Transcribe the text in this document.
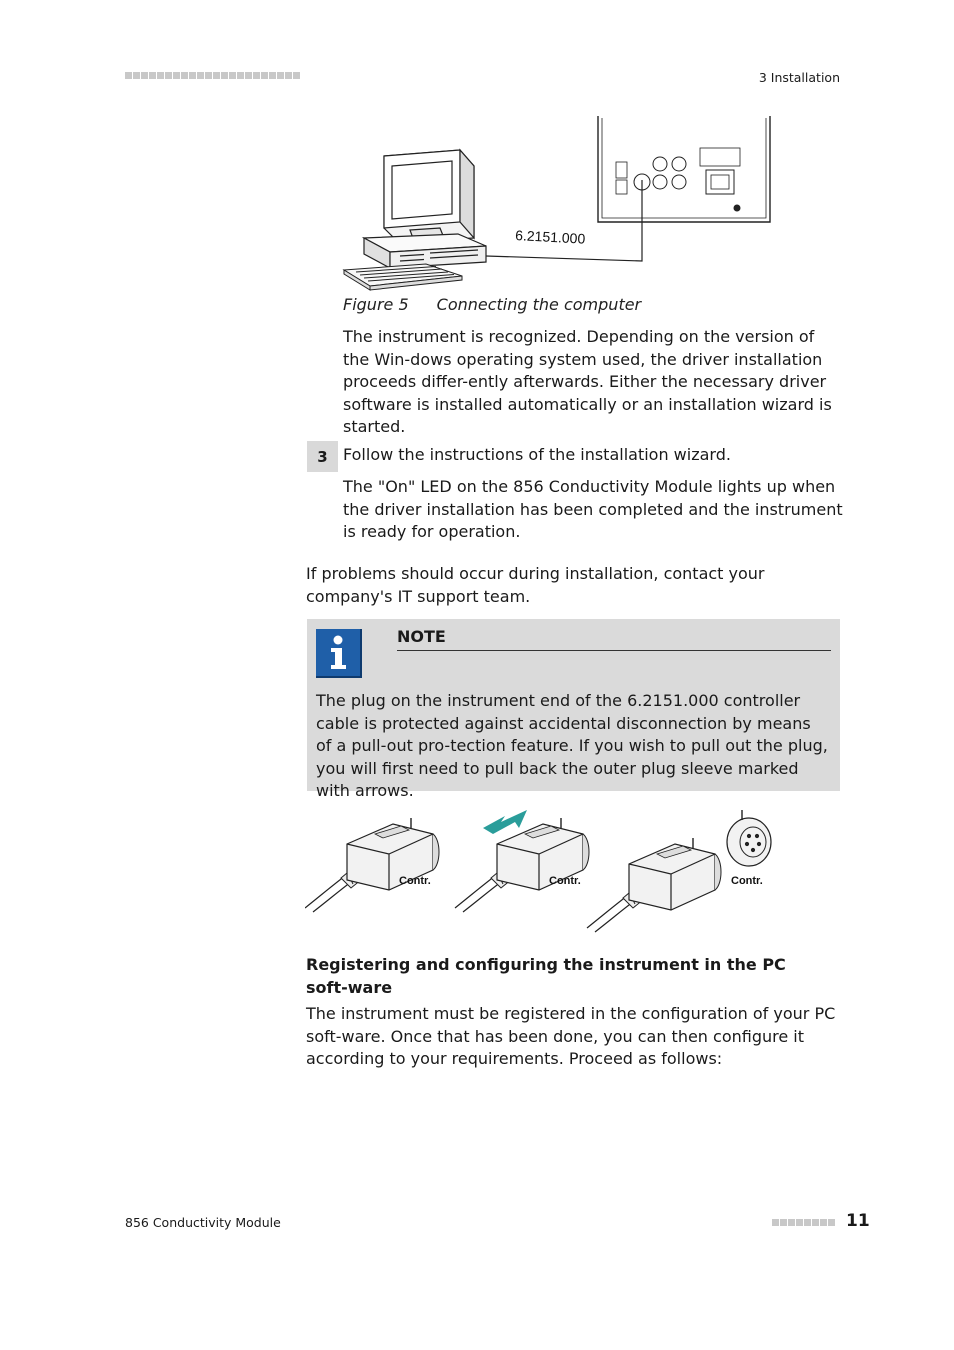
3 Installation
6.2151.000
Figure 5 Connecting the computer

The instrument is recognized. Depending on the version of the Win-dows operating system used, the driver installation proceeds differ-ently afterwards. Either the necessary driver software is installed automatically or an installation wizard is started.

3 Follow the instructions of the installation wizard.

The "On" LED on the 856 Conductivity Module lights up when the driver installation has been completed and the instrument is ready for operation.

If problems should occur during installation, contact your company's IT support team.

NOTE
The plug on the instrument end of the 6.2151.000 controller cable is protected against accidental disconnection by means of a pull-out pro-tection feature. If you wish to pull out the plug, you will first need to pull back the outer plug sleeve marked with arrows.
Contr.	Contr.	Contr.
Registering and configuring the instrument in the PC soft-ware

The instrument must be registered in the configuration of your PC soft-ware. Once that has been done, you can then configure it according to your requirements. Proceed as follows:

856 Conductivity Module	11
